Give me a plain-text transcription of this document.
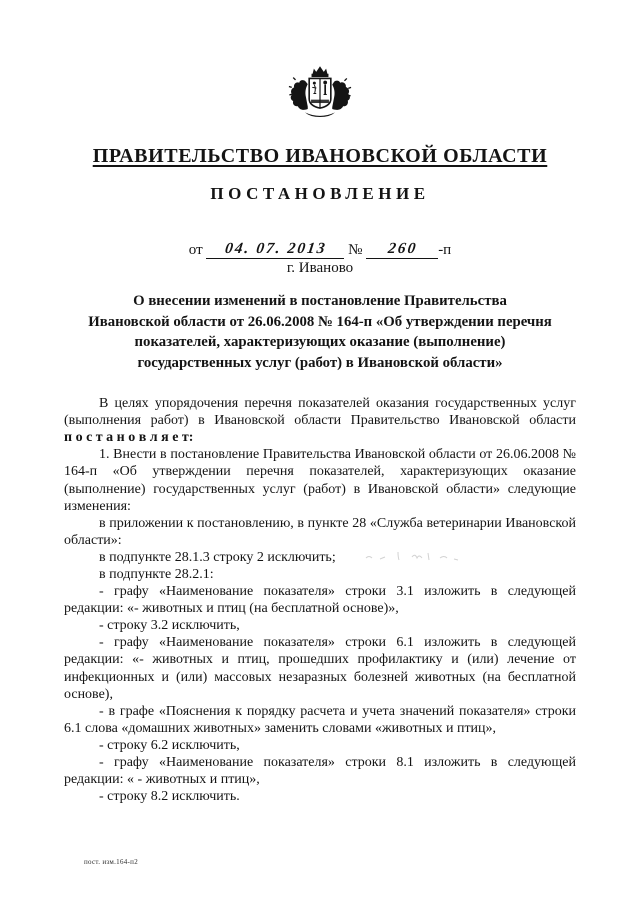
ПРАВИТЕЛЬСТВО ИВАНОВСКОЙ ОБЛАСТИ
ПОСТАНОВЛЕНИЕ
от 04. 07. 2013 № 260 -п
г. Иваново
О внесении изменений в постановление Правительства
Ивановской области от 26.06.2008 № 164-п «Об утверждении перечня
показателей, характеризующих оказание (выполнение)
государственных услуг (работ) в Ивановской области»

В целях упорядочения перечня показателей оказания государственных услуг (выполнения работ) в Ивановской области Правительство Ивановской области п о с т а н о в л я е т:

1. Внести в постановление Правительства Ивановской области от 26.06.2008 № 164-п «Об утверждении перечня показателей, характеризующих оказание (выполнение) государственных услуг (работ) в Ивановской области» следующие изменения:

в приложении к постановлению, в пункте 28 «Служба ветеринарии Ивановской области»:

в подпункте 28.1.3 строку 2 исключить;

в подпункте 28.2.1:

- графу «Наименование показателя» строки 3.1 изложить в следующей редакции: «- животных и птиц (на бесплатной основе)»,

- строку 3.2 исключить,

- графу «Наименование показателя» строки 6.1 изложить в следующей редакции: «- животных и птиц, прошедших профилактику и (или) лечение от инфекционных и (или) массовых незаразных болезней животных (на бесплатной основе),

- в графе «Пояснения к порядку расчета и учета значений показателя» строки 6.1 слова «домашних животных» заменить словами «животных и птиц»,

- строку 6.2 исключить,

- графу «Наименование показателя» строки 8.1 изложить в следующей редакции: « - животных и птиц»,

- строку 8.2 исключить.

пост. изм.164-п2
